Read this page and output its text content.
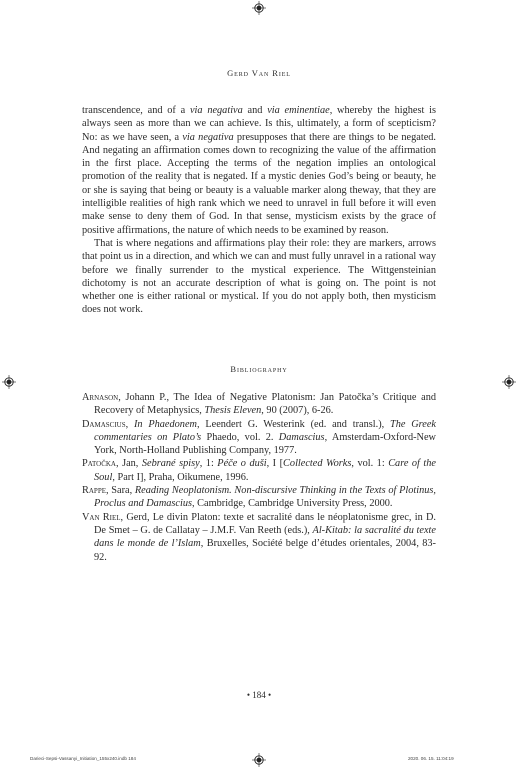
Gerd Van Riel

transcendence, and of a via negativa and via eminentiae, whereby the highest is always seen as more than we can achieve. Is this, ultimately, a form of scepticism? No: as we have seen, a via negativa presupposes that there are things to be negated. And negating an affirmation comes down to recognizing the value of the affirmation in the first place. Accepting the terms of the negation implies an ontological promotion of the reality that is negated. If a mystic denies God’s being or beauty, he or she is saying that being or beauty is a valuable marker along theway, that they are intelligible realities of high rank which we need to unravel in full before it will even make sense to deny them of God. In that sense, mysticism exists by the grace of positive affirmations, the nature of which needs to be examined by reason.

That is where negations and affirmations play their role: they are markers, arrows that point us in a direction, and which we can and must fully unravel in a rational way before we finally surrender to the mystical experience. The Wittgensteinian dichotomy is not an accurate description of what is going on. The point is not whether one is either rational or mystical. If you do not apply both, then mysticism does not work.

Bibliography

Arnason, Johann P., The Idea of Negative Platonism: Jan Patočka’s Critique and Recovery of Metaphysics, Thesis Eleven, 90 (2007), 6-26.

Damascius, In Phaedonem, Leendert G. Westerink (ed. and transl.), The Greek commentaries on Plato’s Phaedo, vol. 2. Damascius, Amsterdam-Oxford-New York, North-Holland Publishing Company, 1977.

Patočka, Jan, Sebrané spisy, 1: Péče o duši, I [Collected Works, vol. 1: Care of the Soul, Part I], Praha, Oikumene, 1996.

Rappe, Sara, Reading Neoplatonism. Non-discursive Thinking in the Texts of Plotinus, Proclus and Damascius, Cambridge, Cambridge University Press, 2000.

Van Riel, Gerd, Le divin Platon: texte et sacralité dans le néoplatonisme grec, in D. De Smet – G. de Callatay – J.M.F. Van Reeth (eds.), Al-Kitab: la sacralité du texte dans le monde de l’Islam, Bruxelles, Société belge d’études orientales, 2004, 83-92.

• 184 •
Darieci-Sepsi-Vassanyi_Initiation_155x240.indb 184	2020. 06. 15. 11:04:19
